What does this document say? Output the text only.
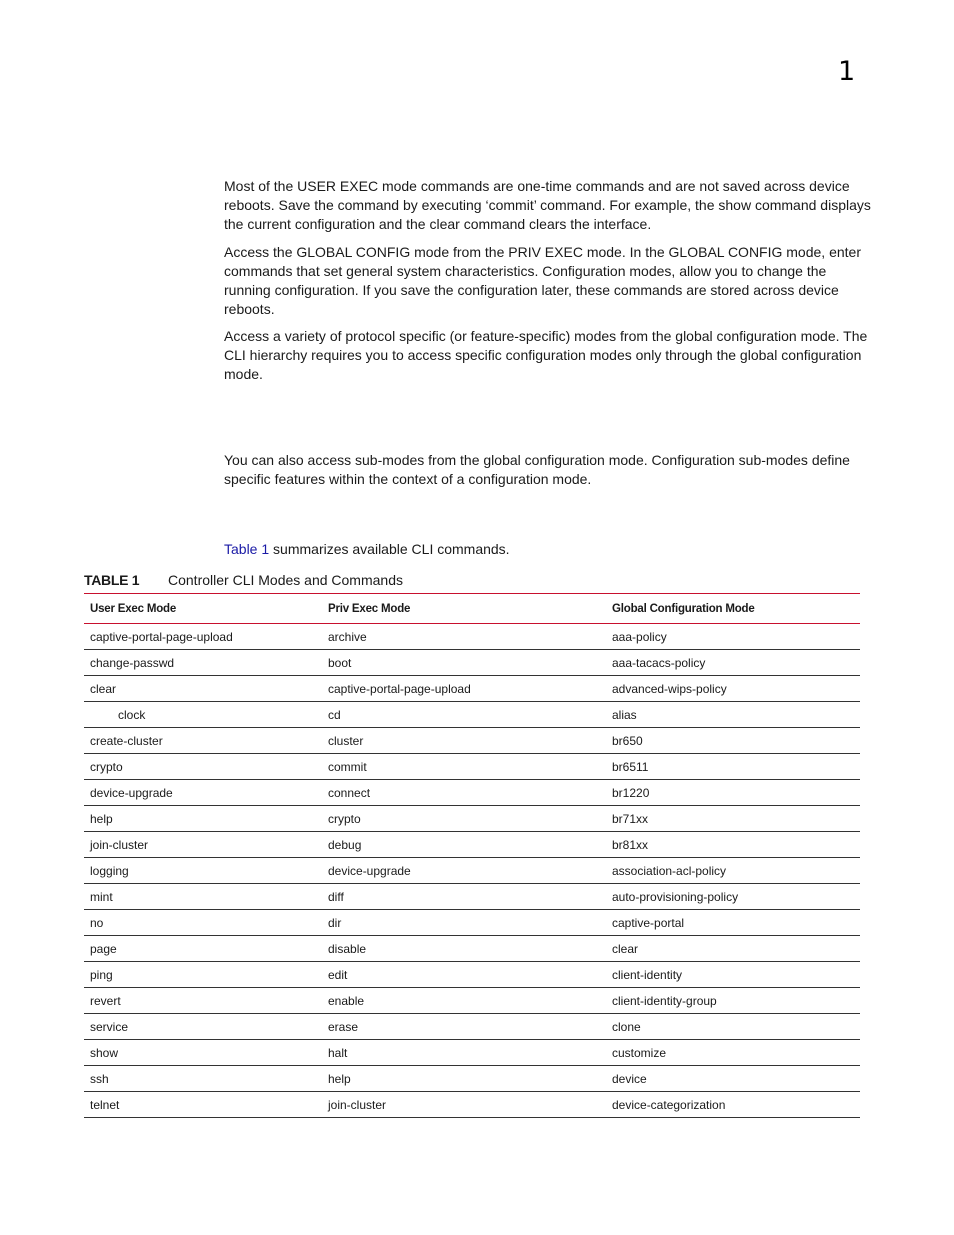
1

Most of the USER EXEC mode commands are one-time commands and are not saved across device reboots. Save the command by executing ‘commit’ command. For example, the show command displays the current configuration and the clear command clears the interface.

Access the GLOBAL CONFIG mode from the PRIV EXEC mode. In the GLOBAL CONFIG mode, enter commands that set general system characteristics. Configuration modes, allow you to change the running configuration. If you save the configuration later, these commands are stored across device reboots.

Access a variety of protocol specific (or feature-specific) modes from the global configuration mode. The CLI hierarchy requires you to access specific configuration modes only through the global configuration mode.

You can also access sub-modes from the global configuration mode. Configuration sub-modes define specific features within the context of a configuration mode.

Table 1 summarizes available CLI commands.

TABLE 1 Controller CLI Modes and Commands
User Exec Mode	Priv Exec Mode	Global Configuration Mode
captive-portal-page-upload	archive	aaa-policy
change-passwd	boot	aaa-tacacs-policy
clear	captive-portal-page-upload	advanced-wips-policy
clock	cd	alias
create-cluster	cluster	br650
crypto	commit	br6511
device-upgrade	connect	br1220
help	crypto	br71xx
join-cluster	debug	br81xx
logging	device-upgrade	association-acl-policy
mint	diff	auto-provisioning-policy
no	dir	captive-portal
page	disable	clear
ping	edit	client-identity
revert	enable	client-identity-group
service	erase	clone
show	halt	customize
ssh	help	device
telnet	join-cluster	device-categorization
